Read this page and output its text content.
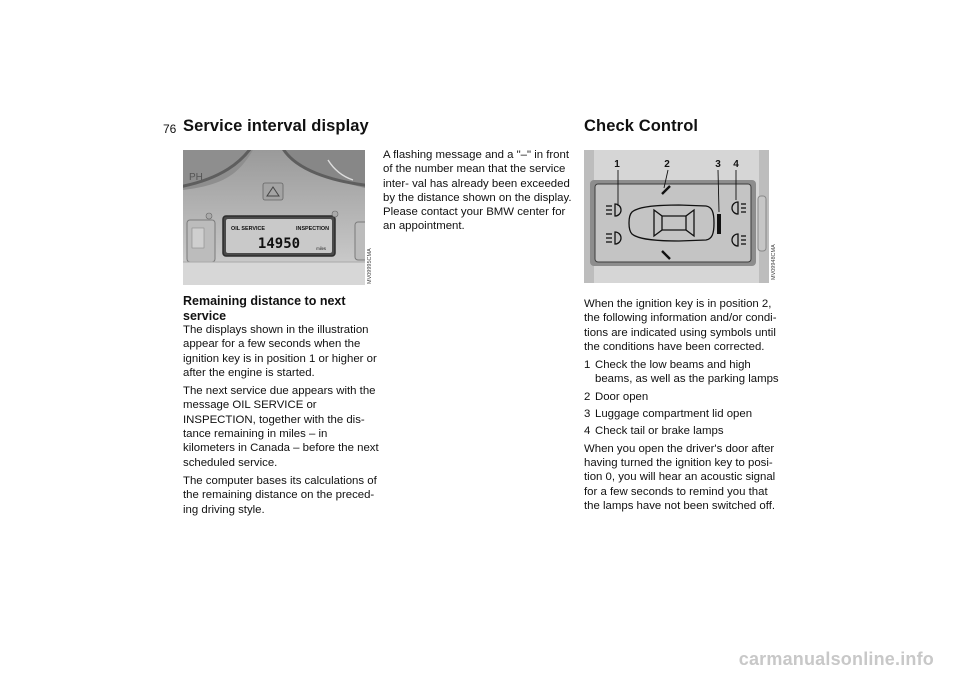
76 Service interval display	Check Control
PH
OIL SERVICE	INSPECTION
14950	miles	MV09995CMA
1	2	3 4
MV09948CMA
Remaining distance to next service

The displays shown in the illustration appear for a few seconds when the ignition key is in position 1 or higher or after the engine is started.

The next service due appears with the message OIL SERVICE or INSPECTION, together with the dis- tance remaining in miles – in kilometers in Canada – before the next scheduled service.

The computer bases its calculations of the remaining distance on the preced- ing driving style.

A flashing message and a "–" in front of the number mean that the service inter- val has already been exceeded by the distance shown on the display. Please contact your BMW center for an appointment.

When the ignition key is in position 2, the following information and/or condi- tions are indicated using symbols until the conditions have been corrected.

1 Check the low beams and high beams, as well as the parking lamps
2 Door open
3 Luggage compartment lid open
4 Check tail or brake lamps

When you open the driver's door after having turned the ignition key to posi- tion 0, you will hear an acoustic signal for a few seconds to remind you that the lamps have not been switched off.

carmanualsonline.info
